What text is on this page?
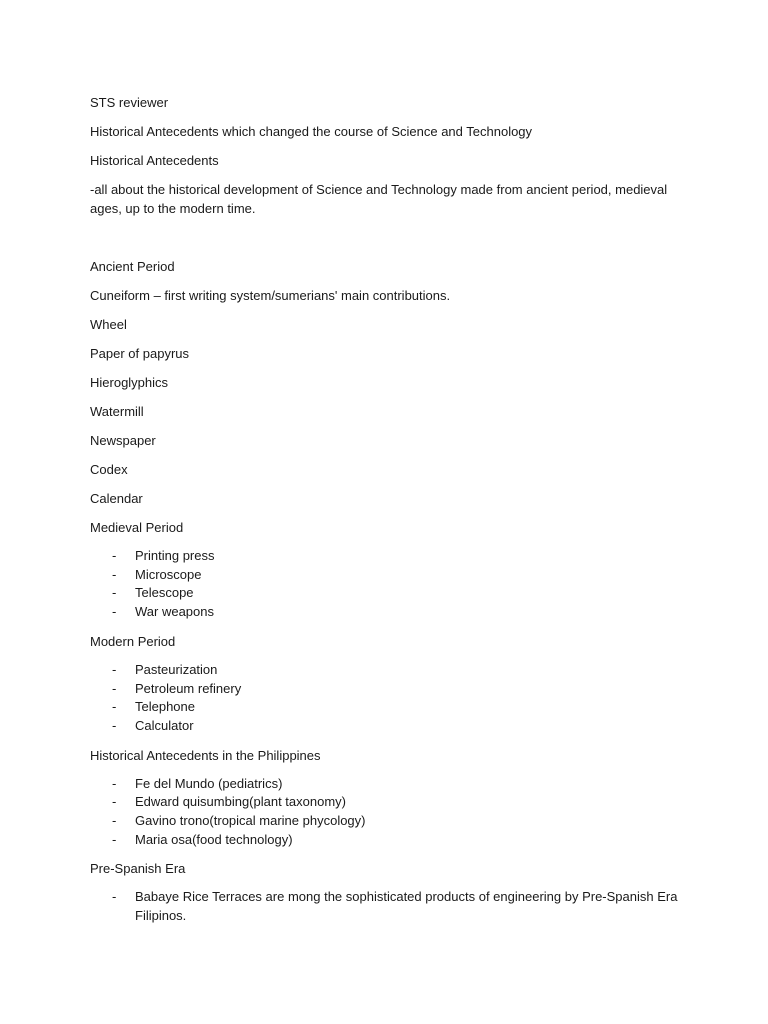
STS reviewer

Historical Antecedents which changed the course of Science and Technology

Historical Antecedents

-all about the historical development of Science and Technology made from ancient period, medieval ages, up to the modern time.

Ancient Period

Cuneiform – first writing system/sumerians' main contributions.

Wheel

Paper of papyrus

Hieroglyphics

Watermill

Newspaper

Codex

Calendar

Medieval Period

- Printing press
- Microscope
- Telescope
- War weapons

Modern Period

- Pasteurization
- Petroleum refinery
- Telephone
- Calculator

Historical Antecedents in the Philippines

- Fe del Mundo (pediatrics)
- Edward quisumbing(plant taxonomy)
- Gavino trono(tropical marine phycology)
- Maria osa(food technology)

Pre-Spanish Era

- Babaye Rice Terraces are mong the sophisticated products of engineering by Pre-Spanish Era Filipinos.
